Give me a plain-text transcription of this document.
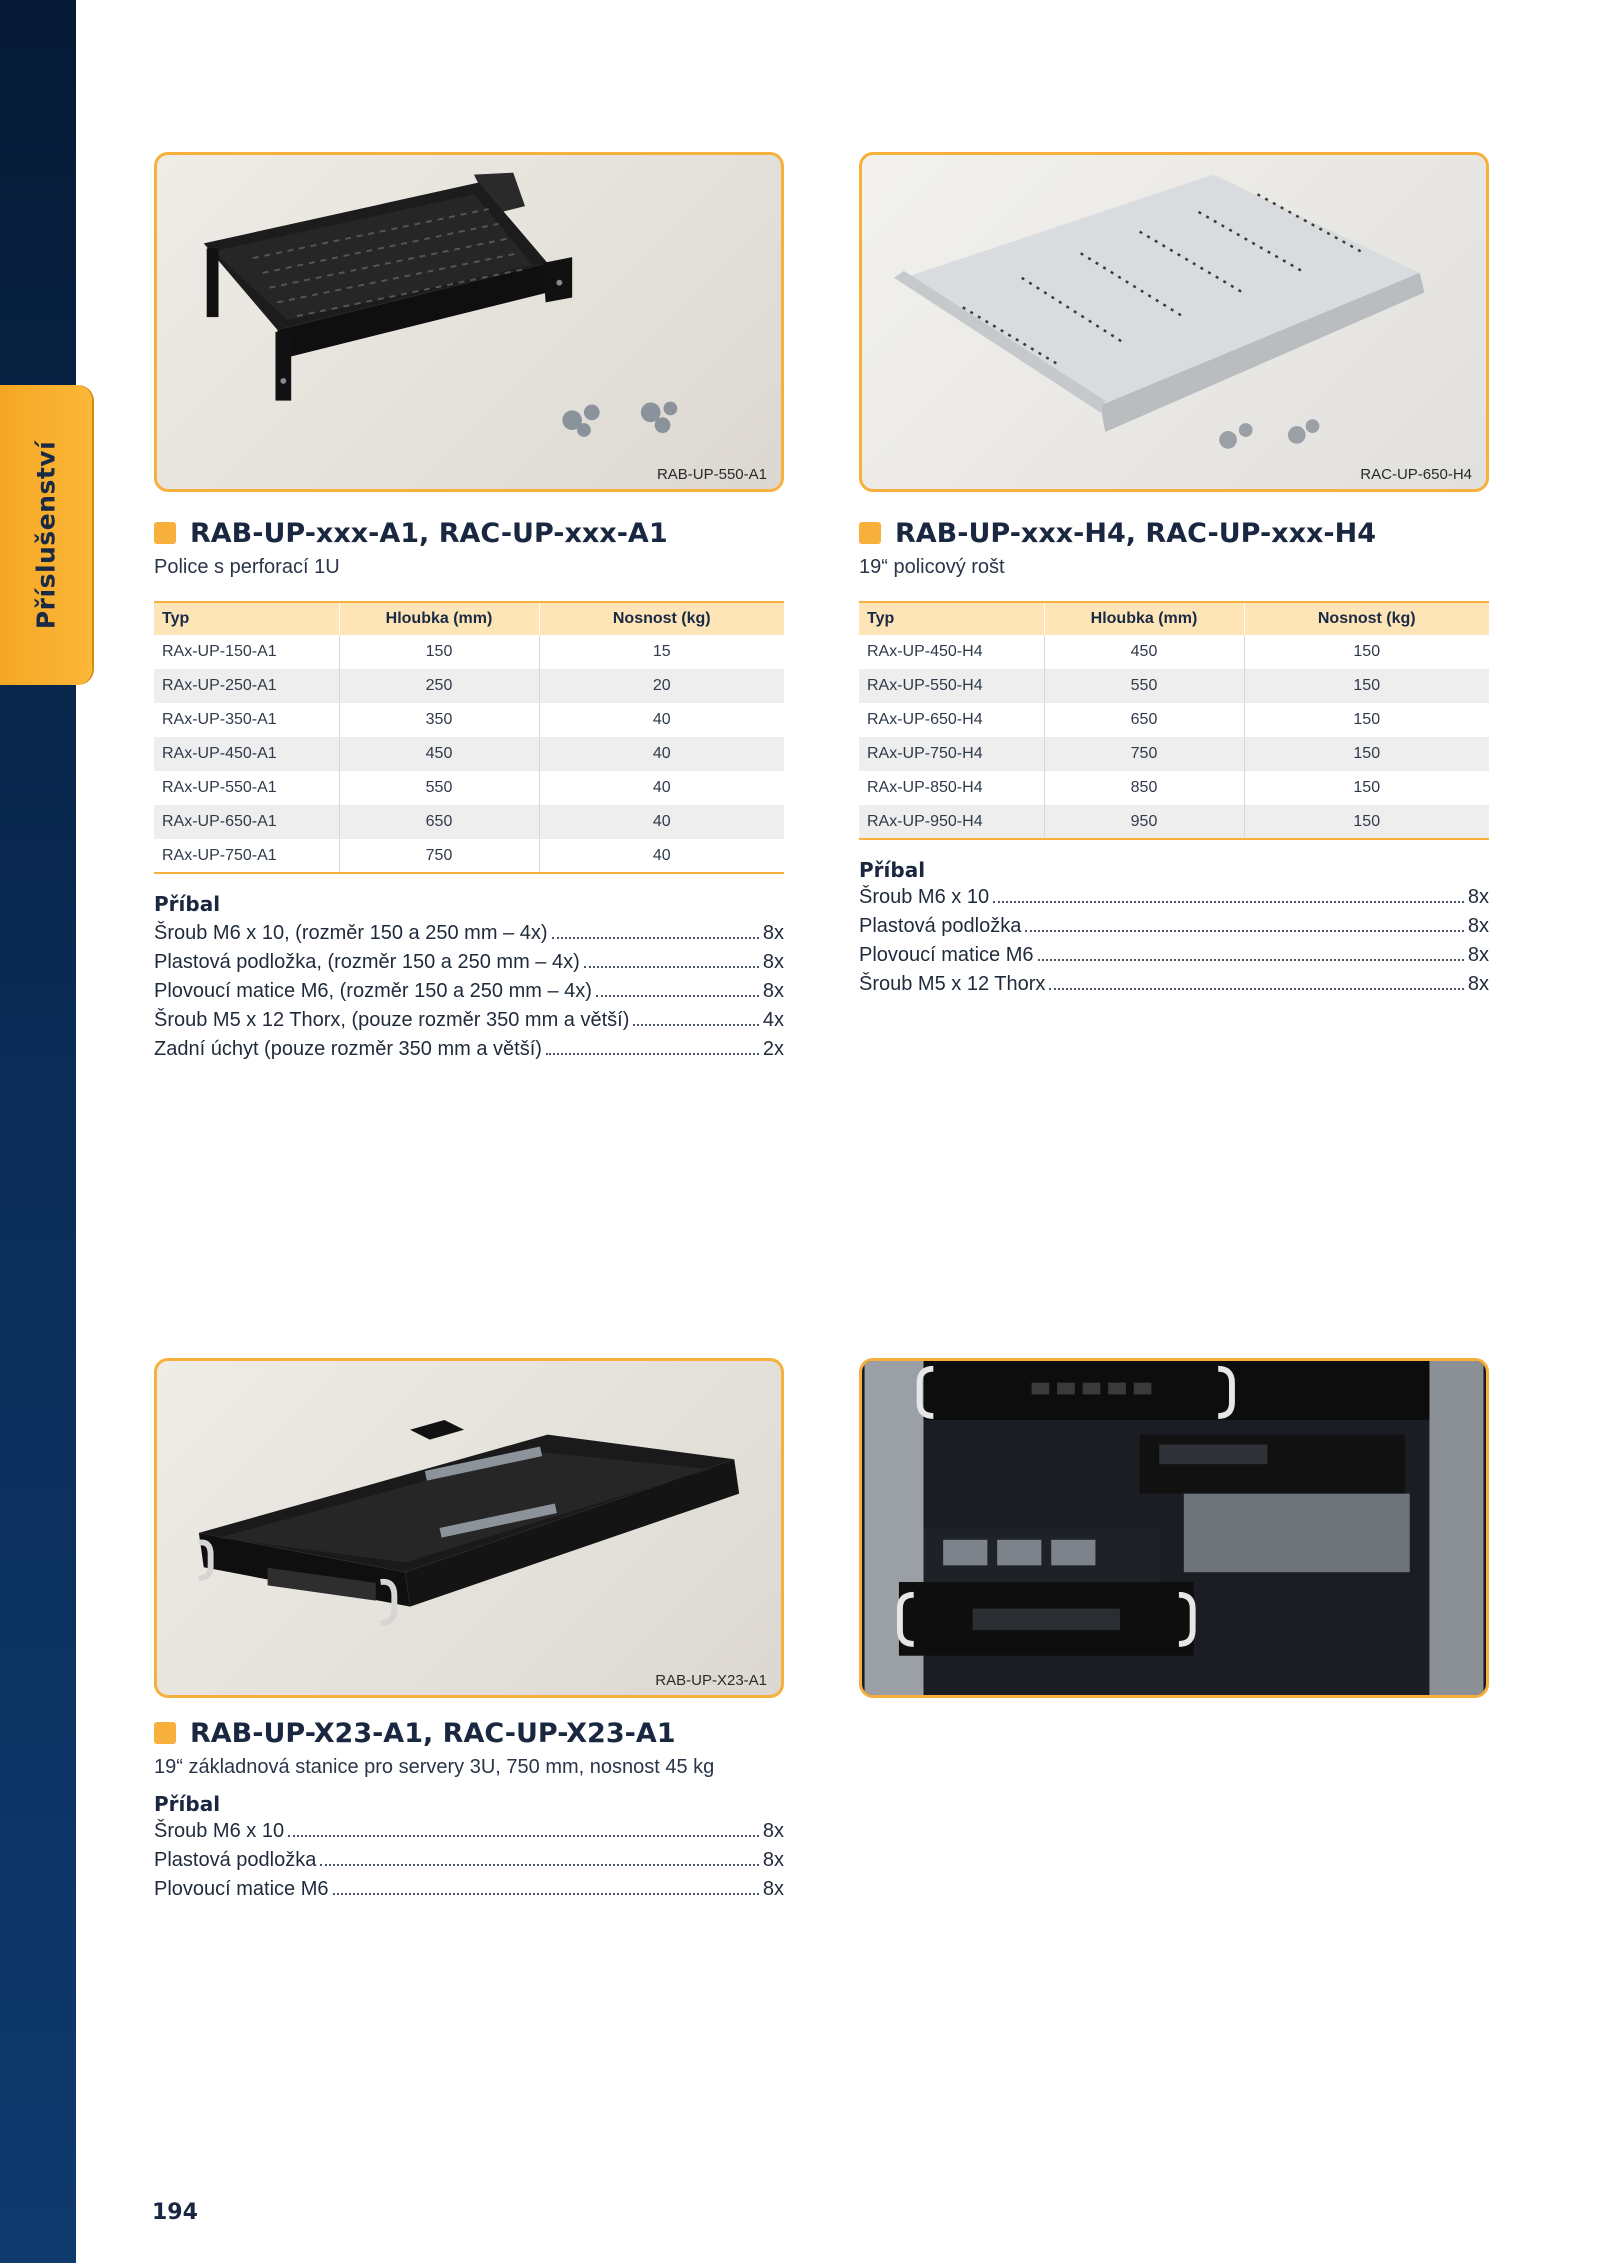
Příslušenství	RAB-UP-550-A1
RAB-UP-xxx-A1, RAC-UP-xxx-A1
Police s perforací 1U
Typ	Hloubka (mm)	Nosnost (kg)
RAx-UP-150-A1	150	15
RAx-UP-250-A1	250	20
RAx-UP-350-A1	350	40
RAx-UP-450-A1	450	40
RAx-UP-550-A1	550	40
RAx-UP-650-A1	650	40
RAx-UP-750-A1	750	40
Příbal
Šroub M6 x 10, (rozměr 150 a 250 mm – 4x)	8x
Plastová podložka, (rozměr 150 a 250 mm – 4x)	8x
Plovoucí matice M6, (rozměr 150 a 250 mm – 4x)	8x
Šroub M5 x 12 Thorx, (pouze rozměr 350 mm a větší)	4x
Zadní úchyt (pouze rozměr 350 mm a větší)	2x
RAC-UP-650-H4
RAB-UP-xxx-H4, RAC-UP-xxx-H4
19“ policový rošt
Typ	Hloubka (mm)	Nosnost (kg)
RAx-UP-450-H4	450	150
RAx-UP-550-H4	550	150
RAx-UP-650-H4	650	150
RAx-UP-750-H4	750	150
RAx-UP-850-H4	850	150
RAx-UP-950-H4	950	150
Příbal
Šroub M6 x 10	8x
Plastová podložka	8x
Plovoucí matice M6	8x
Šroub M5 x 12 Thorx	8x
RAB-UP-X23-A1
RAB-UP-X23-A1, RAC-UP-X23-A1
19“ základnová stanice pro servery 3U, 750 mm, nosnost 45 kg
Příbal
Šroub M6 x 10	8x
Plastová podložka	8x
Plovoucí matice M6	8x
194
